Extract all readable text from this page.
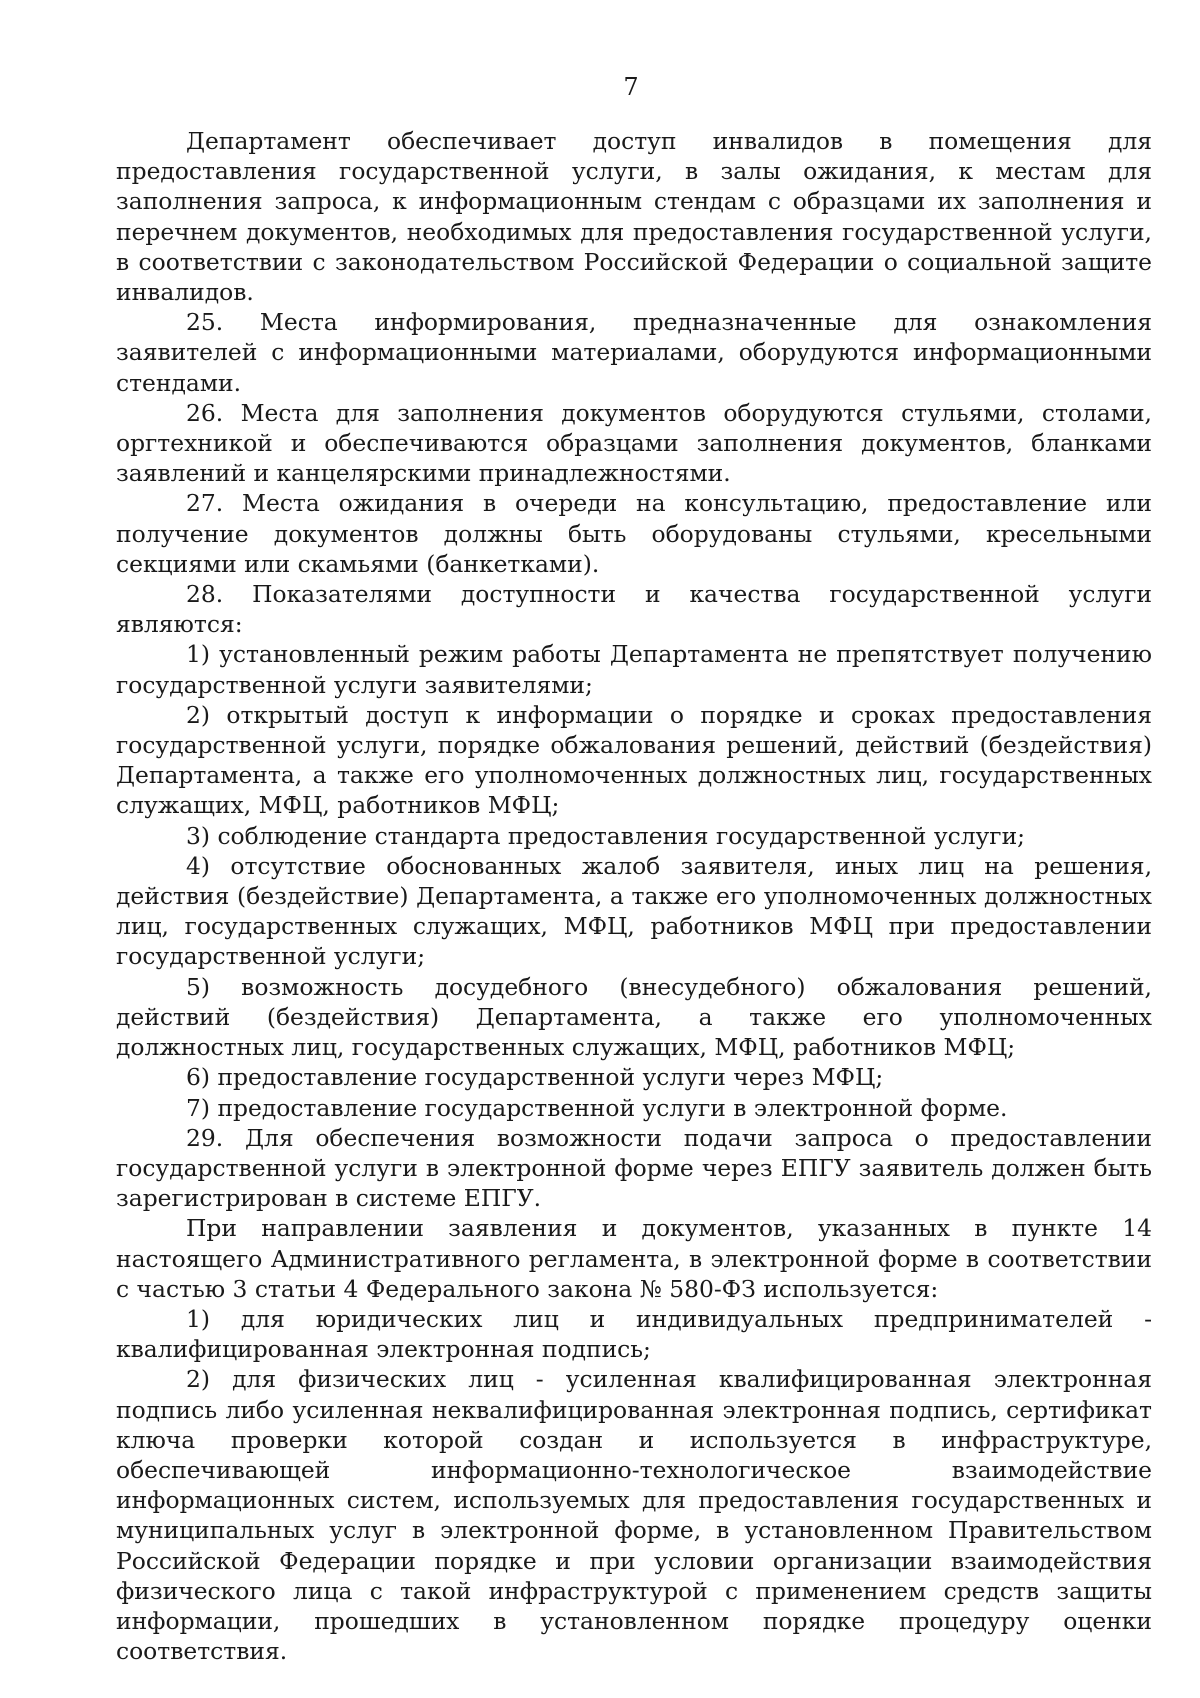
7

Департамент обеспечивает доступ инвалидов в помещения для предоставления государственной услуги, в залы ожидания, к местам для заполнения запроса, к информационным стендам с образцами их заполнения и перечнем документов, необходимых для предоставления государственной услуги, в соответствии с законодательством Российской Федерации о социальной защите инвалидов.

25. Места информирования, предназначенные для ознакомления заявителей с информационными материалами, оборудуются информационными стендами.

26. Места для заполнения документов оборудуются стульями, столами, оргтехникой и обеспечиваются образцами заполнения документов, бланками заявлений и канцелярскими принадлежностями.

27. Места ожидания в очереди на консультацию, предоставление или получение документов должны быть оборудованы стульями, кресельными секциями или скамьями (банкетками).

28. Показателями доступности и качества государственной услуги являются:

1) установленный режим работы Департамента не препятствует получению государственной услуги заявителями;

2) открытый доступ к информации о порядке и сроках предоставления государственной услуги, порядке обжалования решений, действий (бездействия) Департамента, а также его уполномоченных должностных лиц, государственных служащих, МФЦ, работников МФЦ;

3) соблюдение стандарта предоставления государственной услуги;

4) отсутствие обоснованных жалоб заявителя, иных лиц на решения, действия (бездействие) Департамента, а также его уполномоченных должностных лиц, государственных служащих, МФЦ, работников МФЦ при предоставлении государственной услуги;

5) возможность досудебного (внесудебного) обжалования решений, действий (бездействия) Департамента, а также его уполномоченных должностных лиц, государственных служащих, МФЦ, работников МФЦ;

6) предоставление государственной услуги через МФЦ;

7) предоставление государственной услуги в электронной форме.

29. Для обеспечения возможности подачи запроса о предоставлении государственной услуги в электронной форме через ЕПГУ заявитель должен быть зарегистрирован в системе ЕПГУ.

При направлении заявления и документов, указанных в пункте 14 настоящего Административного регламента, в электронной форме в соответствии с частью 3 статьи 4 Федерального закона № 580-ФЗ используется:

1) для юридических лиц и индивидуальных предпринимателей - квалифицированная электронная подпись;

2) для физических лиц - усиленная квалифицированная электронная подпись либо усиленная неквалифицированная электронная подпись, сертификат ключа проверки которой создан и используется в инфраструктуре, обеспечивающей информационно-технологическое взаимодействие информационных систем, используемых для предоставления государственных и муниципальных услуг в электронной форме, в установленном Правительством Российской Федерации порядке и при условии организации взаимодействия физического лица с такой инфраструктурой с применением средств защиты информации, прошедших в установленном порядке процедуру оценки соответствия.
